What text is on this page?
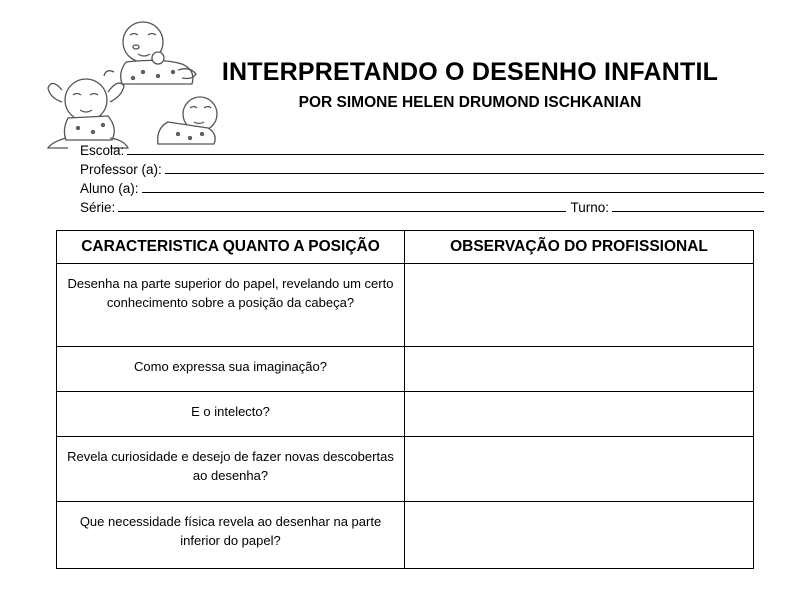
INTERPRETANDO O DESENHO INFANTIL
POR SIMONE HELEN DRUMOND ISCHKANIAN
Escola:
Professor (a):
Aluno (a):
Série:	Turno:
CARACTERISTICA QUANTO A POSIÇÃO	OBSERVAÇÃO DO PROFISSIONAL
Desenha na parte superior do papel, revelando um certo conhecimento sobre a posição da cabeça?	
Como expressa sua imaginação?	
E o intelecto?	
Revela curiosidade e desejo de fazer novas descobertas ao desenha?	
Que necessidade física revela ao desenhar na parte inferior do papel?	
